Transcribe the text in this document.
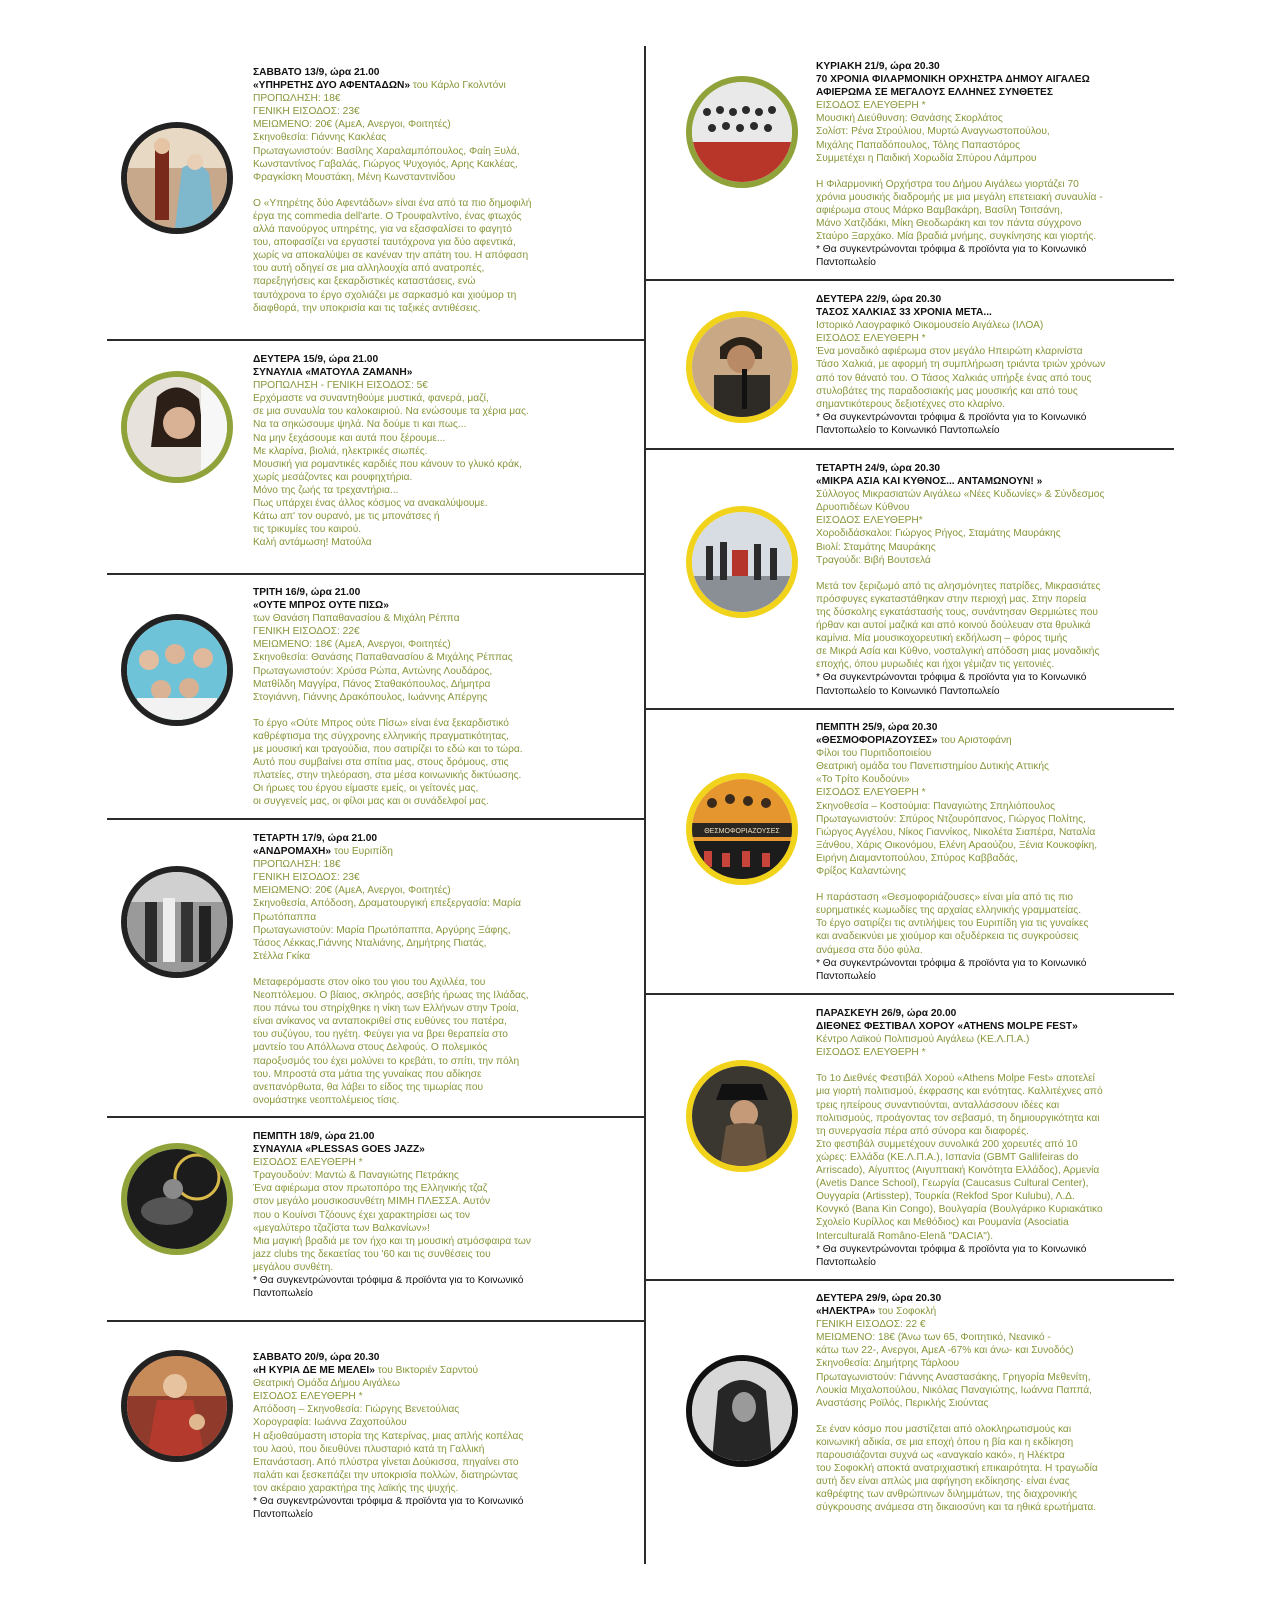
ΣΑΒΒΑΤΟ 13/9, ώρα 21.00

«ΥΠΗΡΕΤΗΣ ΔΥΟ ΑΦΕΝΤΑΔΩΝ» του Κάρλο Γκολντόνι

ΠΡΟΠΩΛΗΣΗ: 18€

ΓΕΝΙΚΗ ΕΙΣΟΔΟΣ: 23€

ΜΕΙΩΜΕΝΟ: 20€ (ΑμεΑ, Ανεργοι, Φοιτητές)

Σκηνοθεσία: Γιάννης Κακλέας

Πρωταγωνιστούν: Βασίλης Χαραλαμπόπουλος, Φαίη Ξυλά,

Κωνσταντίνος Γαβαλάς, Γιώργος Ψυχογιός, Αρης Κακλέας,

Φραγκίσκη Μουστάκη, Μένη Κωνσταντινίδου

Ο «Υπηρέτης δύο Αφεντάδων» είναι ένα από τα πιο δημοφιλή

έργα της commedia dell'arte. Ο Τρουφαλντίνο, ένας φτωχός

αλλά πανούργος υπηρέτης, για να εξασφαλίσει το φαγητό

του, αποφασίζει να εργαστεί ταυτόχρονα για δύο αφεντικά,

χωρίς να αποκαλύψει σε κανέναν την απάτη του. Η απόφαση

του αυτή οδηγεί σε μια αλληλουχία από ανατροπές,

παρεξηγήσεις και ξεκαρδιστικές καταστάσεις, ενώ

ταυτόχρονα το έργο σχολιάζει με σαρκασμό και χιούμορ τη

διαφθορά, την υποκρισία και τις ταξικές αντιθέσεις.

ΔΕΥΤΕΡΑ 15/9, ώρα 21.00

ΣΥΝΑΥΛΙΑ «ΜΑΤΟΥΛΑ ΖΑΜΑΝΗ»

ΠΡΟΠΩΛΗΣΗ - ΓΕΝΙΚΗ ΕΙΣΟΔΟΣ: 5€

Ερχόμαστε να συναντηθούμε μυστικά, φανερά, μαζί,

σε μια συναυλία του καλοκαιριού. Να ενώσουμε τα χέρια μας.

Να τα σηκώσουμε ψηλά. Να δούμε τι και πως...

Να μην ξεχάσουμε και αυτά που ξέρουμε...

Με κλαρίνα, βιολιά, ηλεκτρικές σιωπές.

Μουσική για ρομαντικές καρδιές που κάνουν το γλυκό κράκ,

χωρίς μεσάζοντες και ρουφηχτήρια.

Μόνο της ζωής τα τρεχαντήρια...

Πως υπάρχει ένας άλλος κόσμος να ανακαλύψουμε.

Κάτω απ' τον ουρανό, με τις μπονάτσες ή

τις τρικυμίες του καιρού.

Καλή αντάμωση! Ματούλα

ΤΡΙΤΗ 16/9, ώρα 21.00

«ΟΥΤΕ ΜΠΡΟΣ ΟΥΤΕ ΠΙΣΩ»

των Θανάση Παπαθανασίου & Μιχάλη Ρέππα

ΓΕΝΙΚΗ ΕΙΣΟΔΟΣ: 22€

ΜΕΙΩΜΕΝΟ: 18€ (ΑμεΑ, Ανεργοι, Φοιτητές)

Σκηνοθεσία: Θανάσης Παπαθανασίου & Μιχάλης Ρέππας

Πρωταγωνιστούν: Χρύσα Ρώπα, Αντώνης Λουδάρος,

Ματθίλδη Μαγγίρα, Πάνος Σταθακόπουλος, Δήμητρα

Στογιάννη, Γιάννης Δρακόπουλος, Ιωάννης Απέργης

Το έργο «Ούτε Μπρος ούτε Πίσω» είναι ένα ξεκαρδιστικό

καθρέφτισμα της σύγχρονης ελληνικής πραγματικότητας,

με μουσική και τραγούδια, που σατιρίζει το εδώ και το τώρα.

Αυτό που συμβαίνει στα σπίτια μας, στους δρόμους, στις

πλατείες, στην τηλεόραση, στα μέσα κοινωνικής δικτύωσης.

Οι ήρωες του έργου είμαστε εμείς, οι γείτονές μας,

οι συγγενείς μας, οι φίλοι μας και οι συνάδελφοί μας.

ΤΕΤΑΡΤΗ 17/9, ώρα 21.00

«ΑΝΔΡΟΜΑΧΗ» του Ευριπίδη

ΠΡΟΠΩΛΗΣΗ: 18€

ΓΕΝΙΚΗ ΕΙΣΟΔΟΣ: 23€

ΜΕΙΩΜΕΝΟ: 20€ (ΑμεΑ, Ανεργοι, Φοιτητές)

Σκηνοθεσία, Απόδοση, Δραματουργική επεξεργασία: Μαρία

Πρωτόπαππα

Πρωταγωνιστούν: Μαρία Πρωτόπαππα, Αργύρης Ξάφης,

Τάσος Λέκκας,Γιάννης Νταλιάνης, Δημήτρης Πιατάς,

Στέλλα Γκίκα

Μεταφερόμαστε στον οίκο του γιου του Αχιλλέα, του

Νεοπτόλεμου. Ο βίαιος, σκληρός, ασεβής ήρωας της Ιλιάδας,

που πάνω του στηρίχθηκε η νίκη των Ελλήνων στην Τροία,

είναι ανίκανος να ανταποκριθεί στις ευθύνες του πατέρα,

του συζύγου, του ηγέτη. Φεύγει για να βρει θεραπεία στο

μαντείο του Απόλλωνα στους Δελφούς. Ο πολεμικός

παροξυσμός του έχει μολύνει το κρεβάτι, το σπίτι, την πόλη

του. Μπροστά στα μάτια της γυναίκας που αδίκησε

ανεπανόρθωτα, θα λάβει το είδος της τιμωρίας που

ονομάστηκε νεοπτολέμειος τίσις.

ΠΕΜΠΤΗ 18/9, ώρα 21.00

ΣΥΝΑΥΛΙΑ «PLESSAS GOES JAZZ»

ΕΙΣΟΔΟΣ ΕΛΕΥΘΕΡΗ *

Τραγουδούν: Μαντώ & Παναγιώτης Πετράκης

Ένα αφιέρωμα στον πρωτοπόρο της Ελληνικής τζαζ

στον μεγάλο μουσικοσυνθέτη ΜΙΜΗ ΠΛΕΣΣΑ. Αυτόν

που ο Κουίνσι Τζόουνς έχει χαρακτηρίσει ως τον

«μεγαλύτερο τζαζίστα των Βαλκανίων»!

Μια μαγική βραδιά με τον ήχο και τη μουσική ατμόσφαιρα των

jazz clubs της δεκαετίας του '60 και τις συνθέσεις του

μεγάλου συνθέτη.

* Θα συγκεντρώνονται τρόφιμα & προϊόντα για το Κοινωνικό Παντοπωλείο

ΣΑΒΒΑΤΟ 20/9, ώρα 20.30

«Η ΚΥΡΙΑ ΔΕ ΜΕ ΜΕΛΕΙ» του Βικτοριέν Σαρντού

Θεατρική Ομάδα Δήμου Αιγάλεω

ΕΙΣΟΔΟΣ ΕΛΕΥΘΕΡΗ *

Απόδοση – Σκηνοθεσία: Γιώργης Βενετούλιας

Χορογραφία: Ιωάννα Ζαχοπούλου

Η αξιοθαύμαστη ιστορία της Κατερίνας, μιας απλής κοπέλας

του λαού, που διευθύνει πλυσταριό κατά τη Γαλλική

Επανάσταση. Από πλύστρα γίνεται Δούκισσα, πηγαίνει στο

παλάτι και ξεσκεπάζει την υποκρισία πολλών, διατηρώντας

τον ακέραιο χαρακτήρα της λαϊκής της ψυχής.

* Θα συγκεντρώνονται τρόφιμα & προϊόντα για το Κοινωνικό Παντοπωλείο

ΚΥΡΙΑΚΗ 21/9, ώρα 20.30

70 ΧΡΟΝΙΑ ΦΙΛΑΡΜΟΝΙΚΗ ΟΡΧΗΣΤΡΑ ΔΗΜΟΥ ΑΙΓΑΛΕΩ

ΑΦΙΕΡΩΜΑ ΣΕ ΜΕΓΑΛΟΥΣ ΕΛΛΗΝΕΣ ΣΥΝΘΕΤΕΣ

ΕΙΣΟΔΟΣ ΕΛΕΥΘΕΡΗ *

Μουσική Διεύθυνση: Θανάσης Σκορλάτος

Σολίστ: Ρένα Στρούλιου, Μυρτώ Αναγνωστοπούλου,

Μιχάλης Παπαδόπουλος, Τόλης Παπαστόρος

Συμμετέχει η Παιδική Χορωδία Σπύρου Λάμπρου

Η Φιλαρμονική Ορχήστρα του Δήμου Αιγάλεω γιορτάζει 70

χρόνια μουσικής διαδρομής με μια μεγάλη επετειακή συναυλία -

αφιέρωμα στους Μάρκο Βαμβακάρη, Βασίλη Τσιτσάνη,

Μάνο Χατζιδάκι, Μίκη Θεοδωράκη και τον πάντα σύγχρονο

Σταύρο Ξαρχάκο. Μία βραδιά μνήμης, συγκίνησης και γιορτής.

* Θα συγκεντρώνονται τρόφιμα & προϊόντα για το Κοινωνικό Παντοπωλείο

ΔΕΥΤΕΡΑ 22/9, ώρα 20.30

ΤΑΣΟΣ ΧΑΛΚΙΑΣ 33 ΧΡΟΝΙΑ ΜΕΤΑ...

Ιστορικό Λαογραφικό Οικομουσείο Αιγάλεω (ΙΛΟΑ)

ΕΙΣΟΔΟΣ ΕΛΕΥΘΕΡΗ *

Ένα μοναδικό αφιέρωμα στον μεγάλο Ηπειρώτη κλαρινίστα

Τάσο Χαλκιά, με αφορμή τη συμπλήρωση τριάντα τριών χρόνων

από τον θάνατό του. Ο Τάσος Χαλκιάς υπήρξε ένας από τους

στυλοβάτες της παραδοσιακής μας μουσικής και από τους

σημαντικότερους δεξιοτέχνες στο κλαρίνο.

* Θα συγκεντρώνονται τρόφιμα & προϊόντα για το Κοινωνικό Παντοπωλείο το Κοινωνικό Παντοπωλείο

ΤΕΤΑΡΤΗ 24/9, ώρα 20.30

«ΜΙΚΡΑ ΑΣΙΑ ΚΑΙ ΚΥΘΝΟΣ... ΑΝΤΑΜΩΝΟΥΝ! »

Σύλλογος Μικρασιατών Αιγάλεω «Νέες Κυδωνίες» & Σύνδεσμος

Δρυοπιδέων Κύθνου

ΕΙΣΟΔΟΣ ΕΛΕΥΘΕΡΗ*

Χοροδιδάσκαλοι: Γιώργος Ρήγος, Σταμάτης Μαυράκης

Βιολί: Σταμάτης Μαυράκης

Τραγούδι: Βιβή Βουτσελά

Μετά τον ξεριζωμό από τις αλησμόνητες πατρίδες, Μικρασιάτες

πρόσφυγες εγκαταστάθηκαν στην περιοχή μας. Στην πορεία

της δύσκολης εγκατάστασής τους, συνάντησαν Θερμιώτες που

ήρθαν και αυτοί μαζικά και από κοινού δούλευαν στα θρυλικά

καμίνια. Μία μουσικοχορευτική εκδήλωση – φόρος τιμής

σε Μικρά Ασία και Κύθνο, νοσταλγική απόδοση μιας μοναδικής

εποχής, όπου μυρωδιές και ήχοι γέμιζαν τις γειτονιές.

* Θα συγκεντρώνονται τρόφιμα & προϊόντα για το Κοινωνικό Παντοπωλείο το Κοινωνικό Παντοπωλείο

ΘΕΣΜΟΦΟΡΙΑΖΟΥΣΕΣ

ΠΕΜΠΤΗ 25/9, ώρα 20.30

«ΘΕΣΜΟΦΟΡΙΑΖΟΥΣΕΣ» του Αριστοφάνη

Φίλοι του Πυριτιδοποιείου

Θεατρική ομάδα του Πανεπιστημίου Δυτικής Αττικής

«Το Τρίτο Κουδούνι»

ΕΙΣΟΔΟΣ ΕΛΕΥΘΕΡΗ *

Σκηνοθεσία – Κοστούμια: Παναγιώτης Σπηλιόπουλος

Πρωταγωνιστούν: Σπύρος Ντζουρόπανος, Γιώργος Πολίτης,

Γιώργος Αγγέλου, Νίκος Γιαννίκος, Νικολέτα Σιαπέρα, Ναταλία

Ξάνθου, Χάρις Οικονόμου, Ελένη Αραούζου, Ξένια Κουκοφίκη,

Ειρήνη Διαμαντοπούλου, Σπύρος Καββαδάς,

Φρίξος Καλαντώνης

Η παράσταση «Θεσμοφοριάζουσες» είναι μία από τις πιο

ευρηματικές κωμωδίες της αρχαίας ελληνικής γραμματείας.

Το έργο σατιρίζει τις αντιλήψεις του Ευριπίδη για τις γυναίκες

και αναδεικνύει με χιούμορ και οξυδέρκεια τις συγκρούσεις

ανάμεσα στα δύο φύλα.

* Θα συγκεντρώνονται τρόφιμα & προϊόντα για το Κοινωνικό Παντοπωλείο

ΠΑΡΑΣΚΕΥΗ 26/9, ώρα 20.00

ΔΙΕΘΝΕΣ ΦΕΣΤΙΒΑΛ ΧΟΡΟΥ «ATHENS MOLPE FEST»

Κέντρο Λαϊκού Πολιτισμού Αιγάλεω (ΚΕ.Λ.Π.Α.)

ΕΙΣΟΔΟΣ ΕΛΕΥΘΕΡΗ *

Το 1ο Διεθνές Φεστιβάλ Χορού «Athens Molpe Fest» αποτελεί

μια γιορτή πολιτισμού, έκφρασης και ενότητας. Καλλιτέχνες από

τρεις ηπείρους συναντιούνται, ανταλλάσσουν ιδέες και

πολιτισμούς, προάγοντας τον σεβασμό, τη δημιουργικότητα και

τη συνεργασία πέρα από σύνορα και διαφορές.

Στο φεστιβάλ συμμετέχουν συνολικά 200 χορευτές από 10

χώρες: Ελλάδα (ΚΕ.Λ.Π.Α.), Ισπανία (GBMT Gallifeiras do

Arriscado), Αίγυπτος (Αιγυπτιακή Κοινότητα Ελλάδος), Αρμενία

(Avetis Dance School), Γεωργία (Caucasus Cultural Center),

Ουγγαρία (Artisstep), Τουρκία (Rekfod Spor Kulubu), Λ.Δ.

Κονγκό (Bana Kin Congo), Βουλγαρία (Βουλγάρικο Κυριακάτικο

Σχολείο Κυρίλλος και Μεθόδιος) και Ρουμανία (Asociatia

Interculturală Româno-Elenă "DACIA").

* Θα συγκεντρώνονται τρόφιμα & προϊόντα για το Κοινωνικό Παντοπωλείο

ΔΕΥΤΕΡΑ 29/9, ώρα 20.30

«ΗΛΕΚΤΡΑ» του Σοφοκλή

ΓΕΝΙΚΗ ΕΙΣΟΔΟΣ: 22 €

ΜΕΙΩΜΕΝΟ: 18€ (Άνω των 65, Φοιτητικό, Νεανικό -

κάτω των 22-, Ανεργοι, ΑμεΑ -67% και άνω- και Συνοδός)

Σκηνοθεσία: Δημήτρης Τάρλοου

Πρωταγωνιστούν: Γιάννης Αναστασάκης, Γρηγορία Μεθενίτη,

Λουκία Μιχαλοπούλου, Νικόλας Παναγιώτης, Ιωάννα Παππά,

Αναστάσης Ροϊλός, Περικλής Σιούντας

Σε έναν κόσμο που μαστίζεται από ολοκληρωτισμούς και

κοινωνική αδικία, σε μια εποχή όπου η βία και η εκδίκηση

παρουσιάζονται συχνά ως «αναγκαίο κακό», η Ηλέκτρα

του Σοφοκλή αποκτά ανατριχιαστική επικαιρότητα. Η τραγωδία

αυτή δεν είναι απλώς μια αφήγηση εκδίκησης· είναι ένας

καθρέφτης των ανθρώπινων διλημμάτων, της διαχρονικής

σύγκρουσης ανάμεσα στη δικαιοσύνη και τα ηθικά ερωτήματα.
